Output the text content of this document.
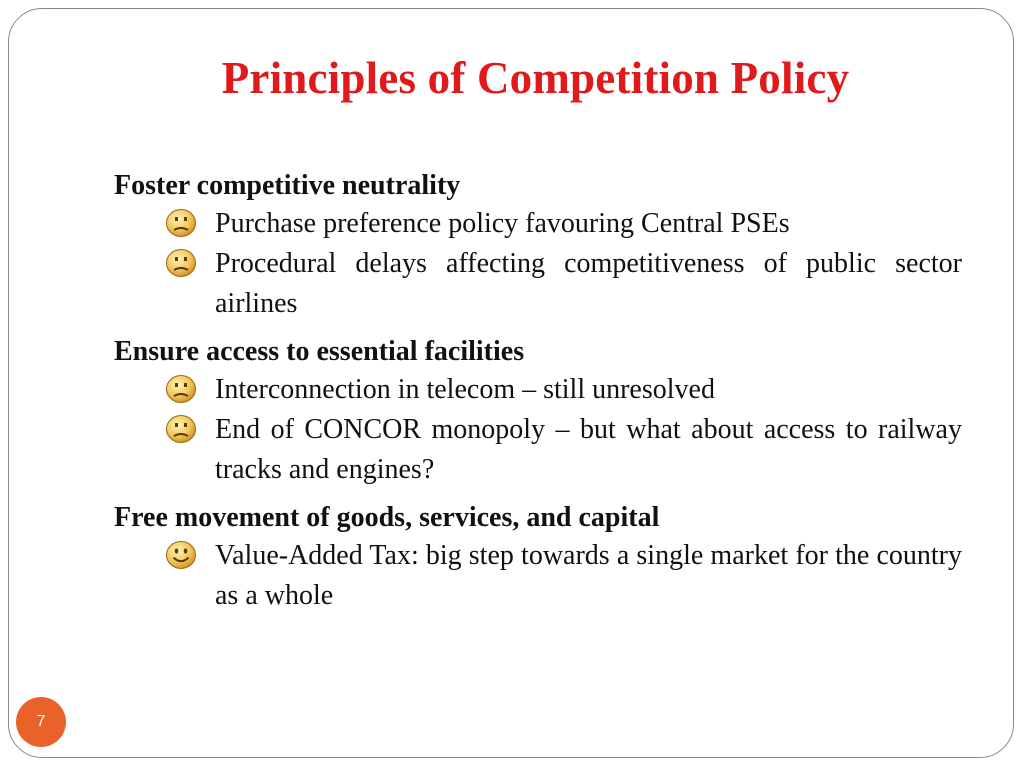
Principles of Competition Policy

Foster competitive neutrality

Purchase preference policy favouring Central PSEs
Procedural delays affecting competitiveness of public sector airlines

Ensure access to essential facilities

Interconnection in telecom – still unresolved
End of CONCOR monopoly – but what about access to railway tracks and engines?

Free movement of goods, services, and capital

Value-Added Tax: big step towards a single market for the country as a whole
7
